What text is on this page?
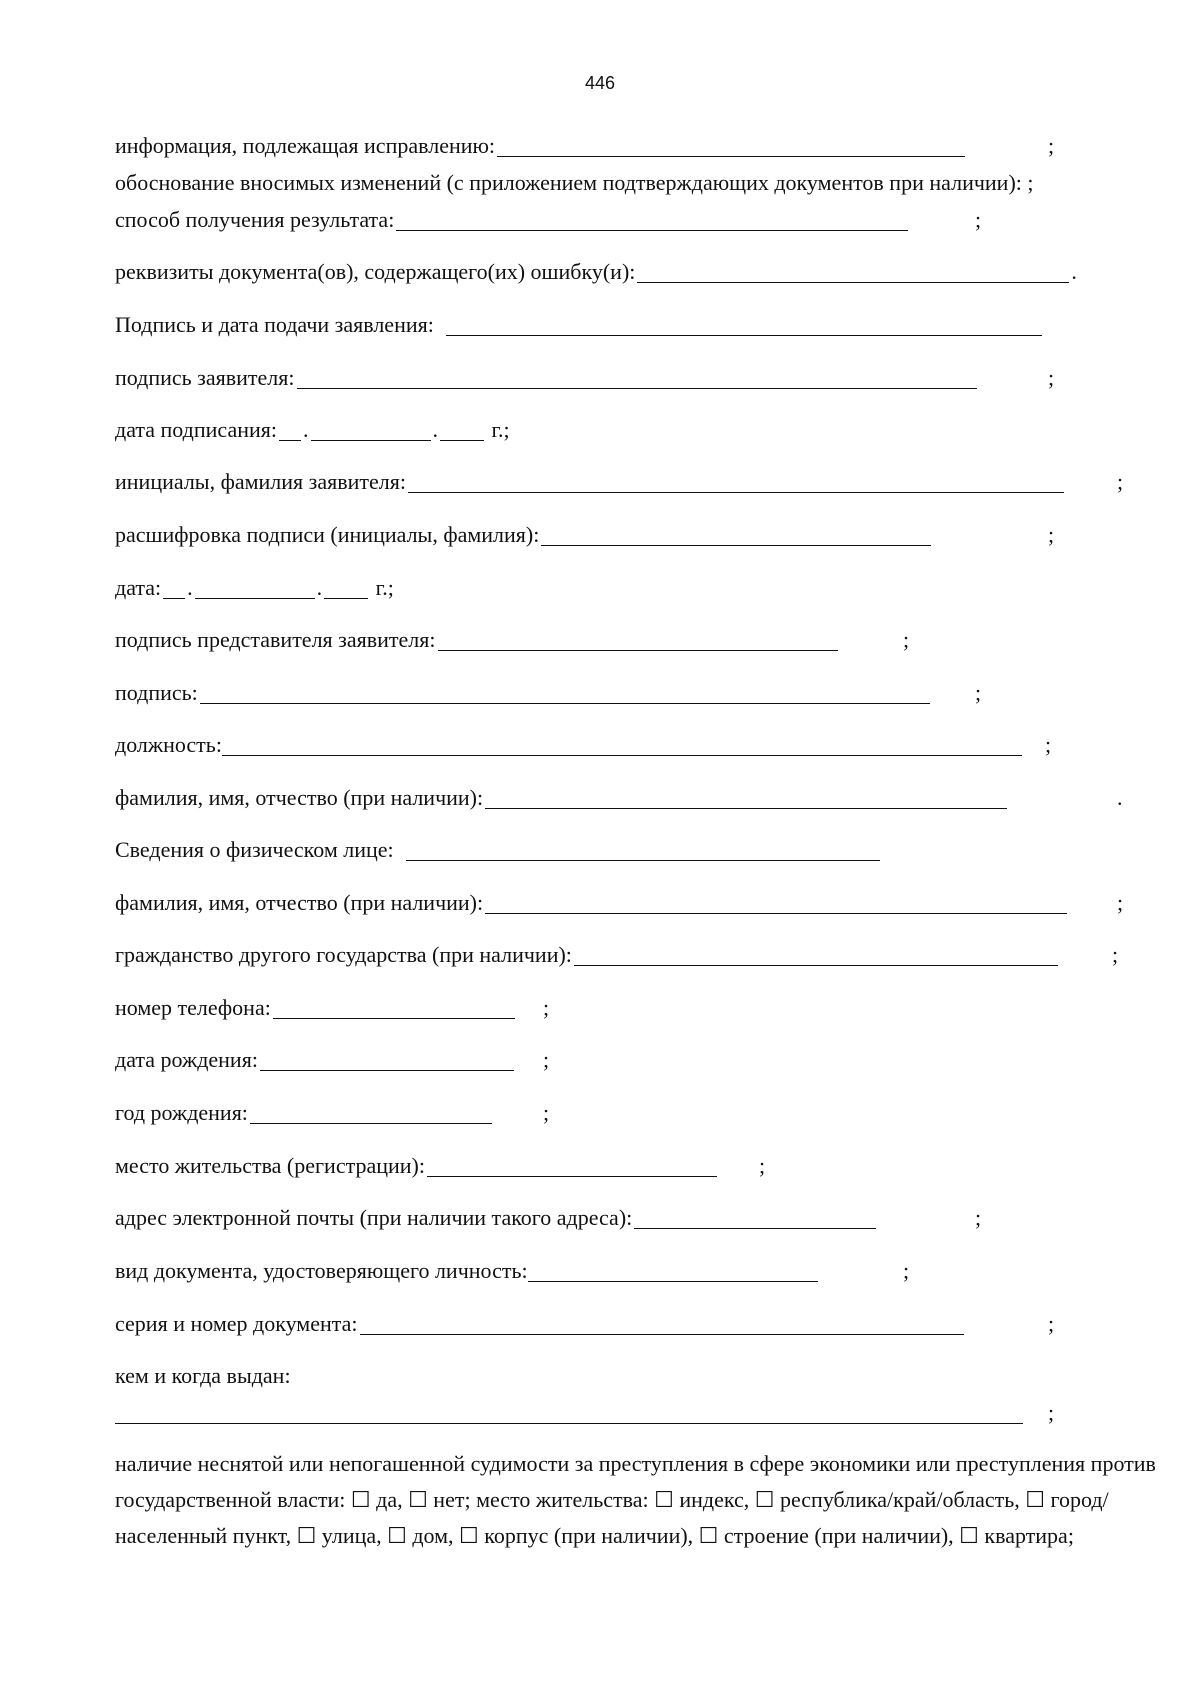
446
информация, подлежащая исправлению:	;
обоснование вносимых изменений (с приложением подтверждающих документов при наличии): ;
способ получения результата:	;
реквизиты документа(ов), содержащего(их) ошибку(и):	.
Подпись и дата подачи заявления:
подпись заявителя:	;
дата подписания: .	. г.;
инициалы, фамилия заявителя:	;
расшифровка подписи (инициалы, фамилия):	;
дата: .	. г.;
подпись представителя заявителя:	;
подпись:	;
должность:	;
фамилия, имя, отчество (при наличии):	.
Сведения о физическом лице:
фамилия, имя, отчество (при наличии):	;
гражданство другого государства (при наличии):	;
номер телефона:	;
дата рождения:	;
год рождения:	;
место жительства (регистрации):	;
адрес электронной почты (при наличии такого адреса):	;
вид документа, удостоверяющего личность:	;
серия и номер документа:	;
кем и когда выдан:
;
наличие неснятой или непогашенной судимости за преступления в сфере экономики или преступления против государственной власти: ☐ да, ☐ нет; место жительства: ☐ индекс, ☐ республика/край/область, ☐ город/населенный пункт, ☐ улица, ☐ дом, ☐ корпус (при наличии), ☐ строение (при наличии), ☐ квартира;
